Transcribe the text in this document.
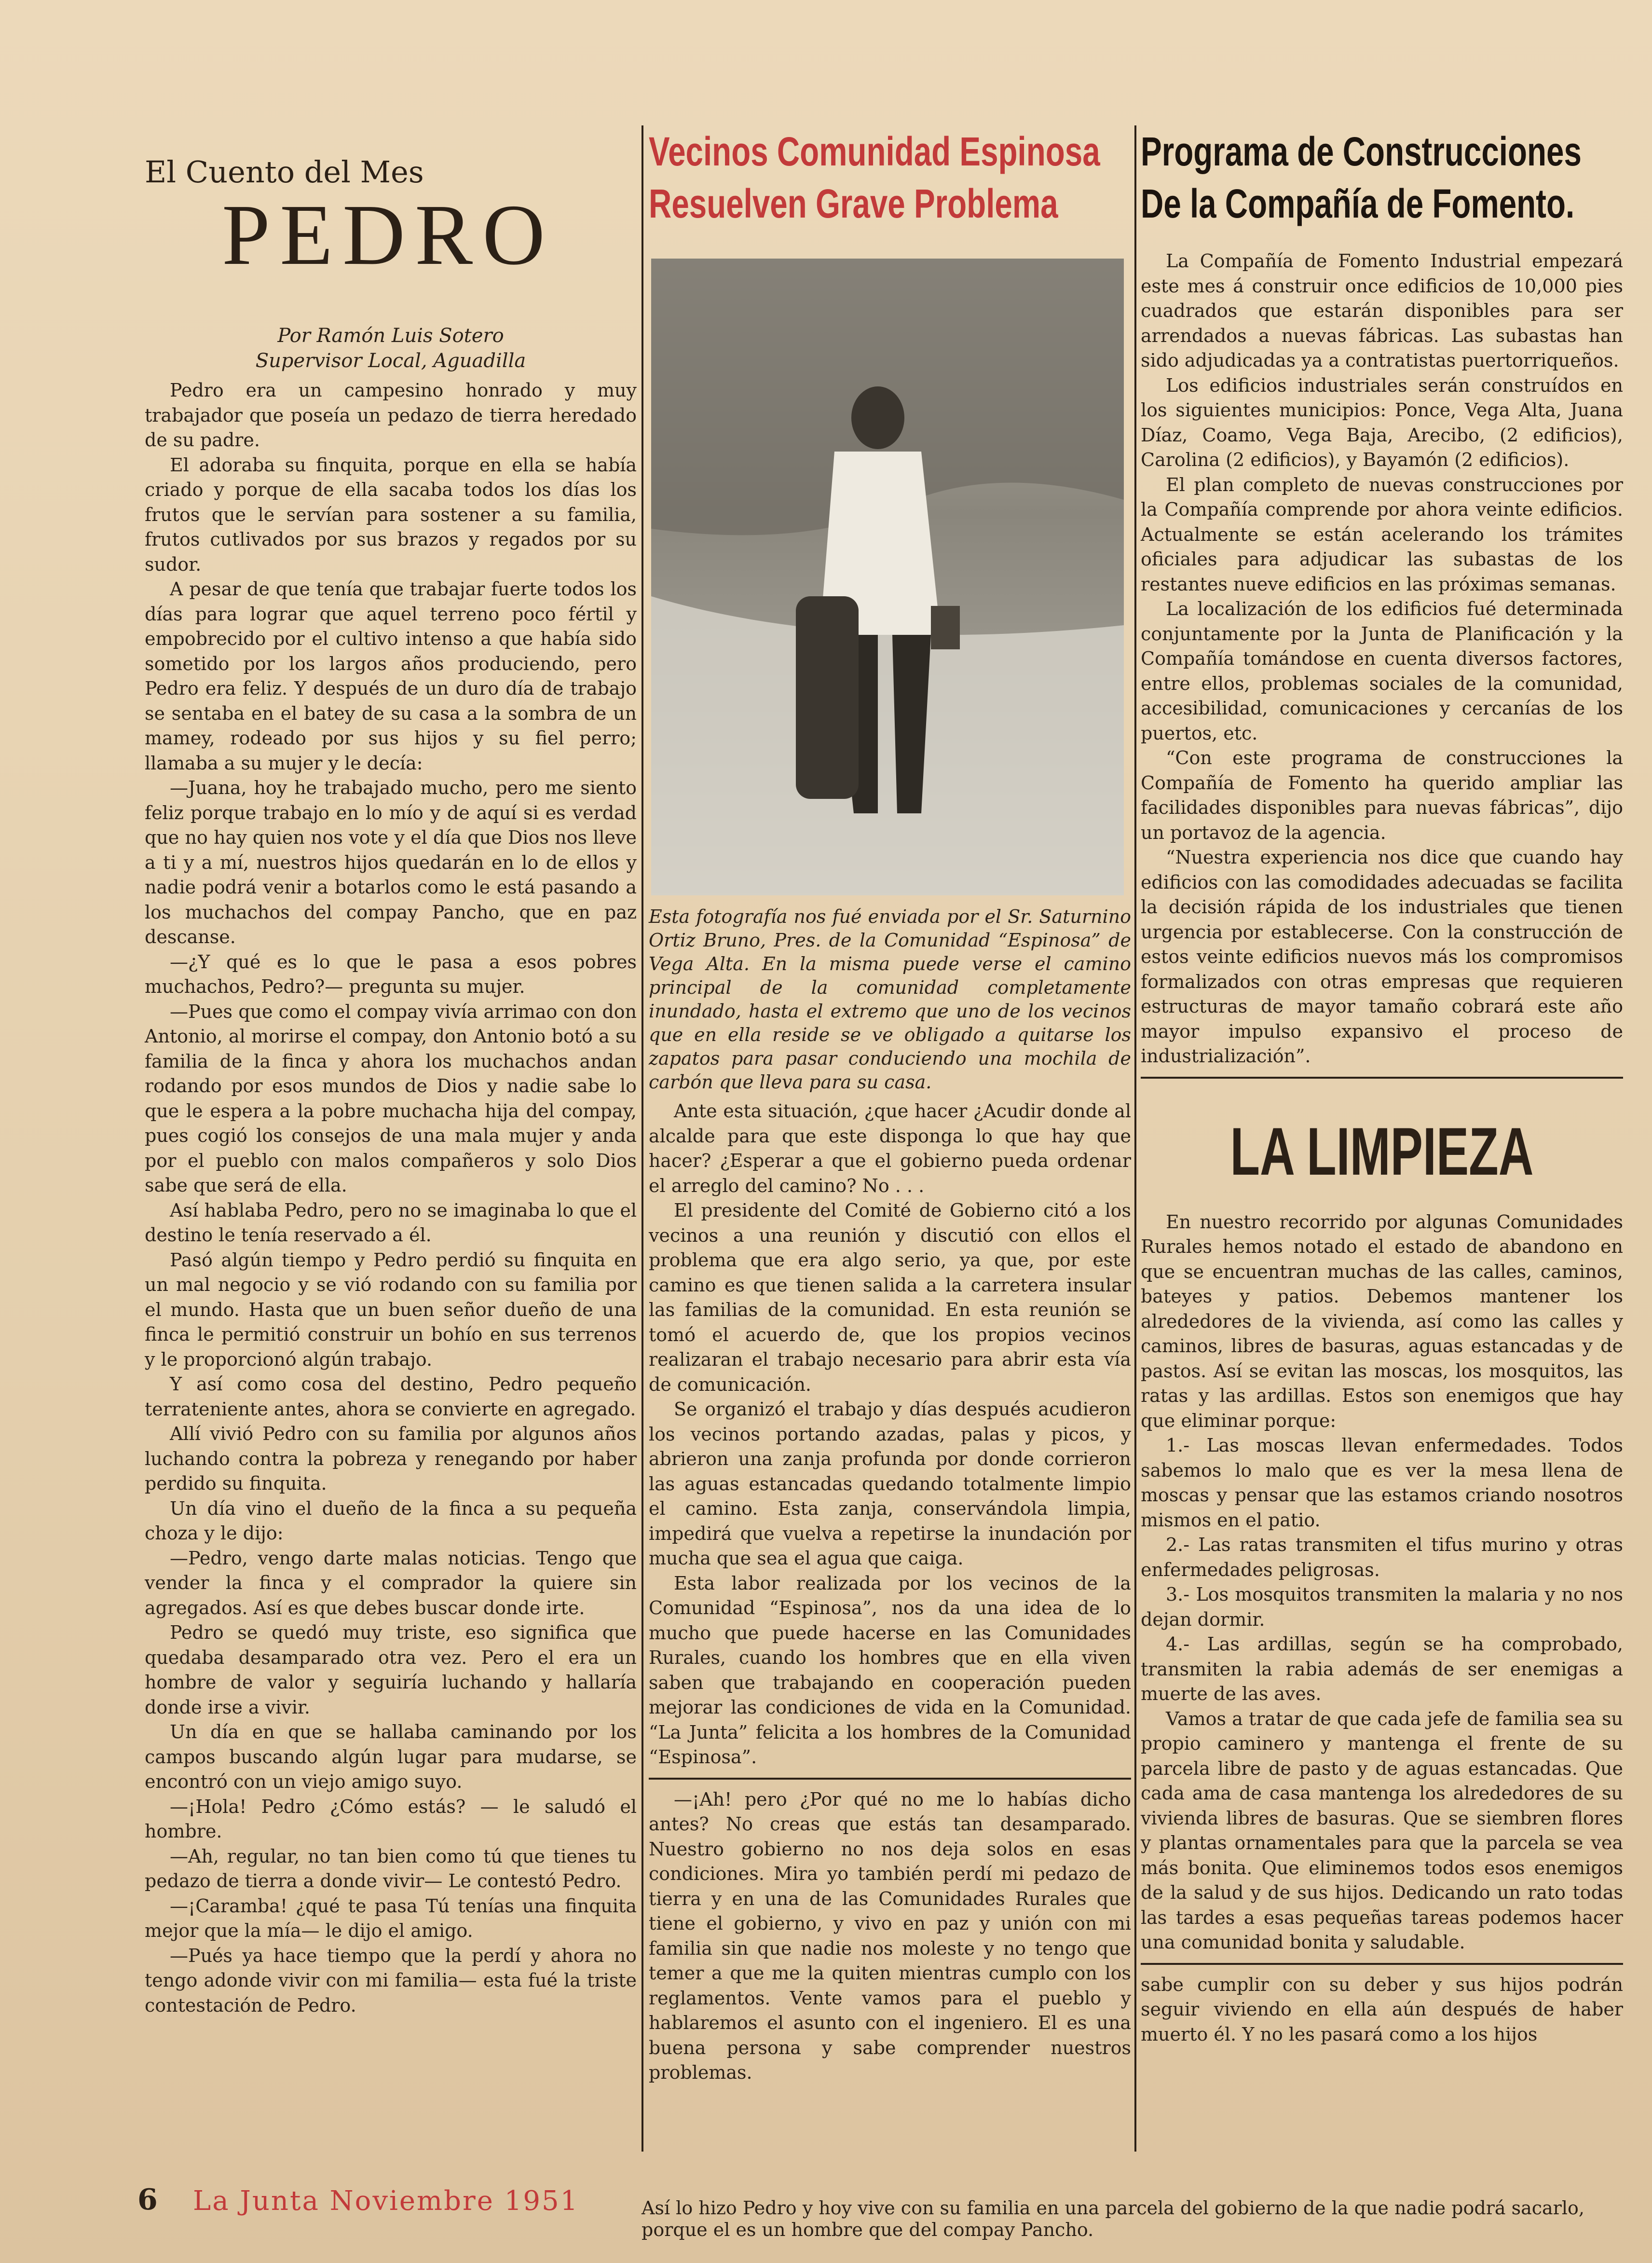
El Cuento del Mes
PEDRO
Por Ramón Luis Sotero
Supervisor Local, Aguadilla

Pedro era un campesino honrado y muy trabajador que poseía un pedazo de tierra heredado de su padre.

El adoraba su finquita, porque en ella se había criado y porque de ella sacaba todos los días los frutos que le servían para sostener a su familia, frutos cutlivados por sus brazos y regados por su sudor.

A pesar de que tenía que trabajar fuerte todos los días para lograr que aquel terreno poco fértil y empobrecido por el cultivo intenso a que había sido sometido por los largos años produciendo, pero Pedro era feliz. Y después de un duro día de trabajo se sentaba en el batey de su casa a la sombra de un mamey, rodeado por sus hijos y su fiel perro; llamaba a su mujer y le decía:

—Juana, hoy he trabajado mucho, pero me siento feliz porque trabajo en lo mío y de aquí si es verdad que no hay quien nos vote y el día que Dios nos lleve a ti y a mí, nuestros hijos quedarán en lo de ellos y nadie podrá venir a botarlos como le está pasando a los muchachos del compay Pancho, que en paz descanse.

—¿Y qué es lo que le pasa a esos pobres muchachos, Pedro?— pregunta su mujer.

—Pues que como el compay vivía arrimao con don Antonio, al morirse el compay, don Antonio botó a su familia de la finca y ahora los muchachos andan rodando por esos mundos de Dios y nadie sabe lo que le espera a la pobre muchacha hija del compay, pues cogió los consejos de una mala mujer y anda por el pueblo con malos compañeros y solo Dios sabe que será de ella.

Así hablaba Pedro, pero no se imaginaba lo que el destino le tenía reservado a él.

Pasó algún tiempo y Pedro perdió su finquita en un mal negocio y se vió rodando con su familia por el mundo. Hasta que un buen señor dueño de una finca le permitió construir un bohío en sus terrenos y le proporcionó algún trabajo.

Y así como cosa del destino, Pedro pequeño terrateniente antes, ahora se convierte en agregado.

Allí vivió Pedro con su familia por algunos años luchando contra la pobreza y renegando por haber perdido su finquita.

Un día vino el dueño de la finca a su pequeña choza y le dijo:

—Pedro, vengo darte malas noticias. Tengo que vender la finca y el comprador la quiere sin agregados. Así es que debes buscar donde irte.

Pedro se quedó muy triste, eso significa que quedaba desamparado otra vez. Pero el era un hombre de valor y seguiría luchando y hallaría donde irse a vivir.

Un día en que se hallaba caminando por los campos buscando algún lugar para mudarse, se encontró con un viejo amigo suyo.

—¡Hola! Pedro ¿Cómo estás? — le saludó el hombre.

—Ah, regular, no tan bien como tú que tienes tu pedazo de tierra a donde vivir— Le contestó Pedro.

—¡Caramba! ¿qué te pasa Tú tenías una finquita mejor que la mía— le dijo el amigo.

—Pués ya hace tiempo que la perdí y ahora no tengo adonde vivir con mi familia— esta fué la triste contestación de Pedro.

Vecinos Comunidad Espinosa
Resuelven Grave Problema
Esta fotografía nos fué enviada por el Sr. Saturnino Ortiz Bruno, Pres. de la Comunidad “Espinosa” de Vega Alta. En la misma puede verse el camino principal de la comunidad completamente inundado, hasta el extremo que uno de los vecinos que en ella reside se ve obligado a quitarse los zapatos para pasar conduciendo una mochila de carbón que lleva para su casa.

Ante esta situación, ¿que hacer ¿Acudir donde al alcalde para que este disponga lo que hay que hacer? ¿Esperar a que el gobierno pueda ordenar el arreglo del camino? No . . .

El presidente del Comité de Gobierno citó a los vecinos a una reunión y discutió con ellos el problema que era algo serio, ya que, por este camino es que tienen salida a la carretera insular las familias de la comunidad. En esta reunión se tomó el acuerdo de, que los propios vecinos realizaran el trabajo necesario para abrir esta vía de comunicación.

Se organizó el trabajo y días después acudieron los vecinos portando azadas, palas y picos, y abrieron una zanja profunda por donde corrieron las aguas estancadas quedando totalmente limpio el camino. Esta zanja, conservándola limpia, impedirá que vuelva a repetirse la inundación por mucha que sea el agua que caiga.

Esta labor realizada por los vecinos de la Comunidad “Espinosa”, nos da una idea de lo mucho que puede hacerse en las Comunidades Rurales, cuando los hombres que en ella viven saben que trabajando en cooperación pueden mejorar las condiciones de vida en la Comunidad. “La Junta” felicita a los hombres de la Comunidad “Espinosa”.

—¡Ah! pero ¿Por qué no me lo habías dicho antes? No creas que estás tan desamparado. Nuestro gobierno no nos deja solos en esas condiciones. Mira yo también perdí mi pedazo de tierra y en una de las Comunidades Rurales que tiene el gobierno, y vivo en paz y unión con mi familia sin que nadie nos moleste y no tengo que temer a que me la quiten mientras cumplo con los reglamentos. Vente vamos para el pueblo y hablaremos el asunto con el ingeniero. El es una buena persona y sabe comprender nuestros problemas.

Programa de Construcciones
De la Compañía de Fomento.

La Compañía de Fomento Industrial empezará este mes á construir once edificios de 10,000 pies cuadrados que estarán disponibles para ser arrendados a nuevas fábricas. Las subastas han sido adjudicadas ya a contratistas puertorriqueños.

Los edificios industriales serán construídos en los siguientes municipios: Ponce, Vega Alta, Juana Díaz, Coamo, Vega Baja, Arecibo, (2 edificios), Carolina (2 edificios), y Bayamón (2 edificios).

El plan completo de nuevas construcciones por la Compañía comprende por ahora veinte edificios. Actualmente se están acelerando los trámites oficiales para adjudicar las subastas de los restantes nueve edificios en las próximas semanas.

La localización de los edificios fué determinada conjuntamente por la Junta de Planificación y la Compañía tomándose en cuenta diversos factores, entre ellos, problemas sociales de la comunidad, accesibilidad, comunicaciones y cercanías de los puertos, etc.

“Con este programa de construcciones la Compañía de Fomento ha querido ampliar las facilidades disponibles para nuevas fábricas”, dijo un portavoz de la agencia.

“Nuestra experiencia nos dice que cuando hay edificios con las comodidades adecuadas se facilita la decisión rápida de los industriales que tienen urgencia por establecerse. Con la construcción de estos veinte edificios nuevos más los compromisos formalizados con otras empresas que requieren estructuras de mayor tamaño cobrará este año mayor impulso expansivo el proceso de industrialización”.

LA LIMPIEZA

En nuestro recorrido por algunas Comunidades Rurales hemos notado el estado de abandono en que se encuentran muchas de las calles, caminos, bateyes y patios. Debemos mantener los alrededores de la vivienda, así como las calles y caminos, libres de basuras, aguas estancadas y de pastos. Así se evitan las moscas, los mosquitos, las ratas y las ardillas. Estos son enemigos que hay que eliminar porque:

1.- Las moscas llevan enfermedades. Todos sabemos lo malo que es ver la mesa llena de moscas y pensar que las estamos criando nosotros mismos en el patio.

2.- Las ratas transmiten el tifus murino y otras enfermedades peligrosas.

3.- Los mosquitos transmiten la malaria y no nos dejan dormir.

4.- Las ardillas, según se ha comprobado, transmiten la rabia además de ser enemigas a muerte de las aves.

Vamos a tratar de que cada jefe de familia sea su propio caminero y mantenga el frente de su parcela libre de pasto y de aguas estancadas. Que cada ama de casa mantenga los alrededores de su vivienda libres de basuras. Que se siembren flores y plantas ornamentales para que la parcela se vea más bonita. Que eliminemos todos esos enemigos de la salud y de sus hijos. Dedicando un rato todas las tardes a esas pequeñas tareas podemos hacer una comunidad bonita y saludable.

sabe cumplir con su deber y sus hijos podrán seguir viviendo en ella aún después de haber muerto él. Y no les pasará como a los hijos

6 La Junta Noviembre 1951	Así lo hizo Pedro y hoy vive con su familia en una parcela del gobierno de la que nadie podrá sacarlo, porque el es un hombre que del compay Pancho.
